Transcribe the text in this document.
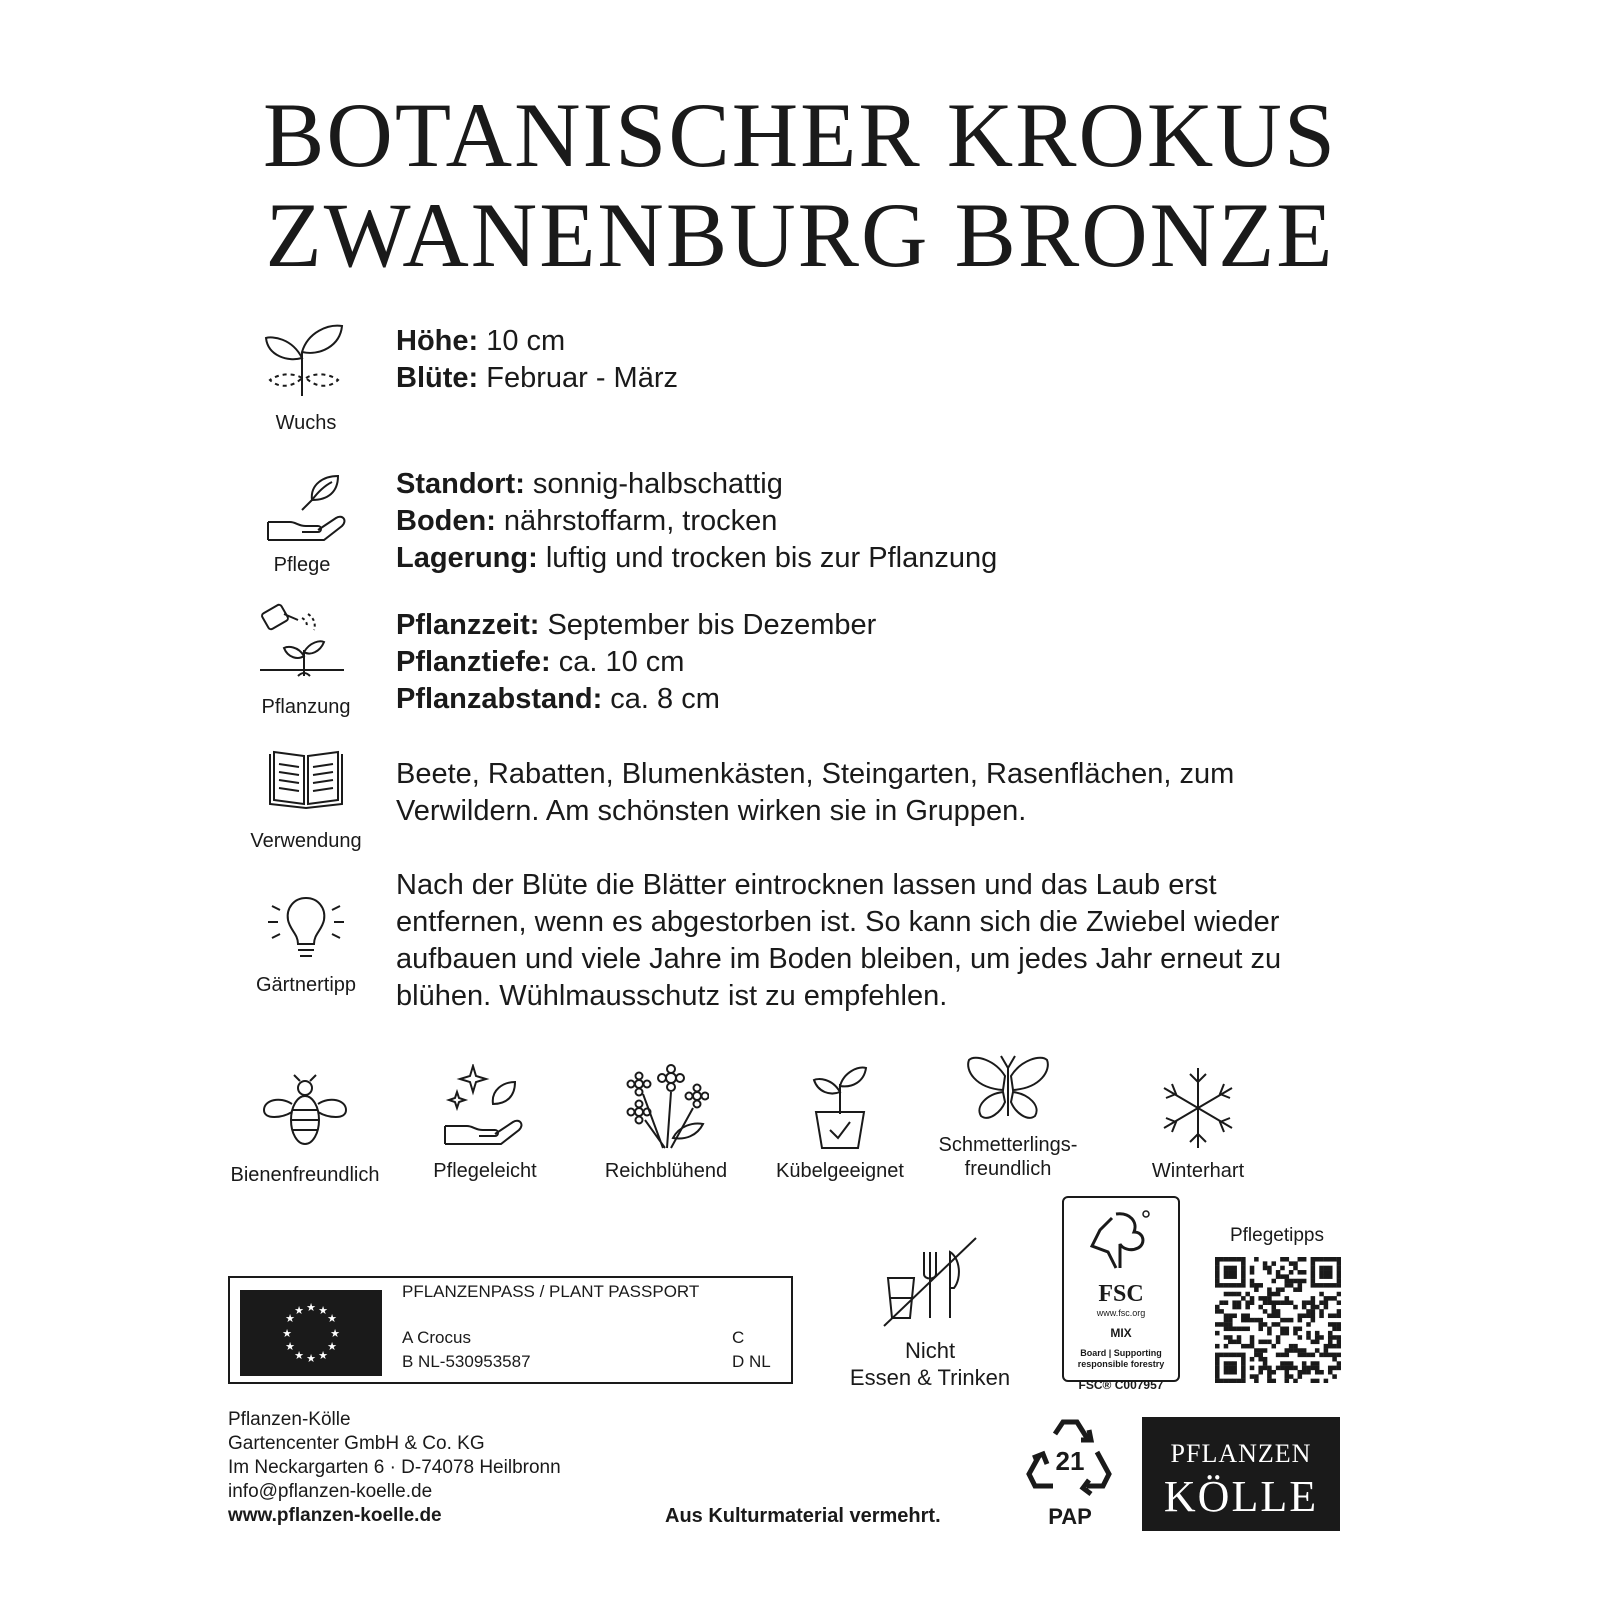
BOTANISCHER KROKUS
ZWANENBURG BRONZE
Wuchs
Höhe: 10 cm
Blüte: Februar - März
Pflege
Standort: sonnig-halbschattig
Boden: nährstoffarm, trocken
Lagerung: luftig und trocken bis zur Pflanzung
Pflanzung
Pflanzzeit: September bis Dezember
Pflanztiefe: ca. 10 cm
Pflanzabstand: ca. 8 cm
Verwendung
Beete, Rabatten, Blumenkästen, Steingarten, Rasenflächen, zum Verwildern. Am schönsten wirken sie in Gruppen.
Gärtnertipp
Nach der Blüte die Blätter eintrocknen lassen und das Laub erst entfernen, wenn es abgestorben ist. So kann sich die Zwiebel wieder aufbauen und viele Jahre im Boden bleiben, um jedes Jahr erneut zu blühen. Wühlmausschutz ist zu empfehlen.
Bienenfreundlich	Pflegeleicht	Reichblühend	Kübelgeeignet
Schmetterlings-
freundlich	Winterhart
★ ★
★
★
★
★
★
★
★
★
★
★
PFLANZENPASS / PLANT PASSPORT
A Crocus
B NL-530953587
C
D NL	Nicht
Essen & Trinken
FSC
www.fsc.org
MIX
Board | Supporting
responsible forestry
FSC® C007957
Pflegetipps
Pflanzen-Kölle
Gartencenter GmbH & Co. KG
Im Neckargarten 6 · D-74078 Heilbronn
info@pflanzen-koelle.de
www.pflanzen-koelle.de	Aus Kulturmaterial vermehrt.
21
PAP
PFLANZEN
KÖLLE
